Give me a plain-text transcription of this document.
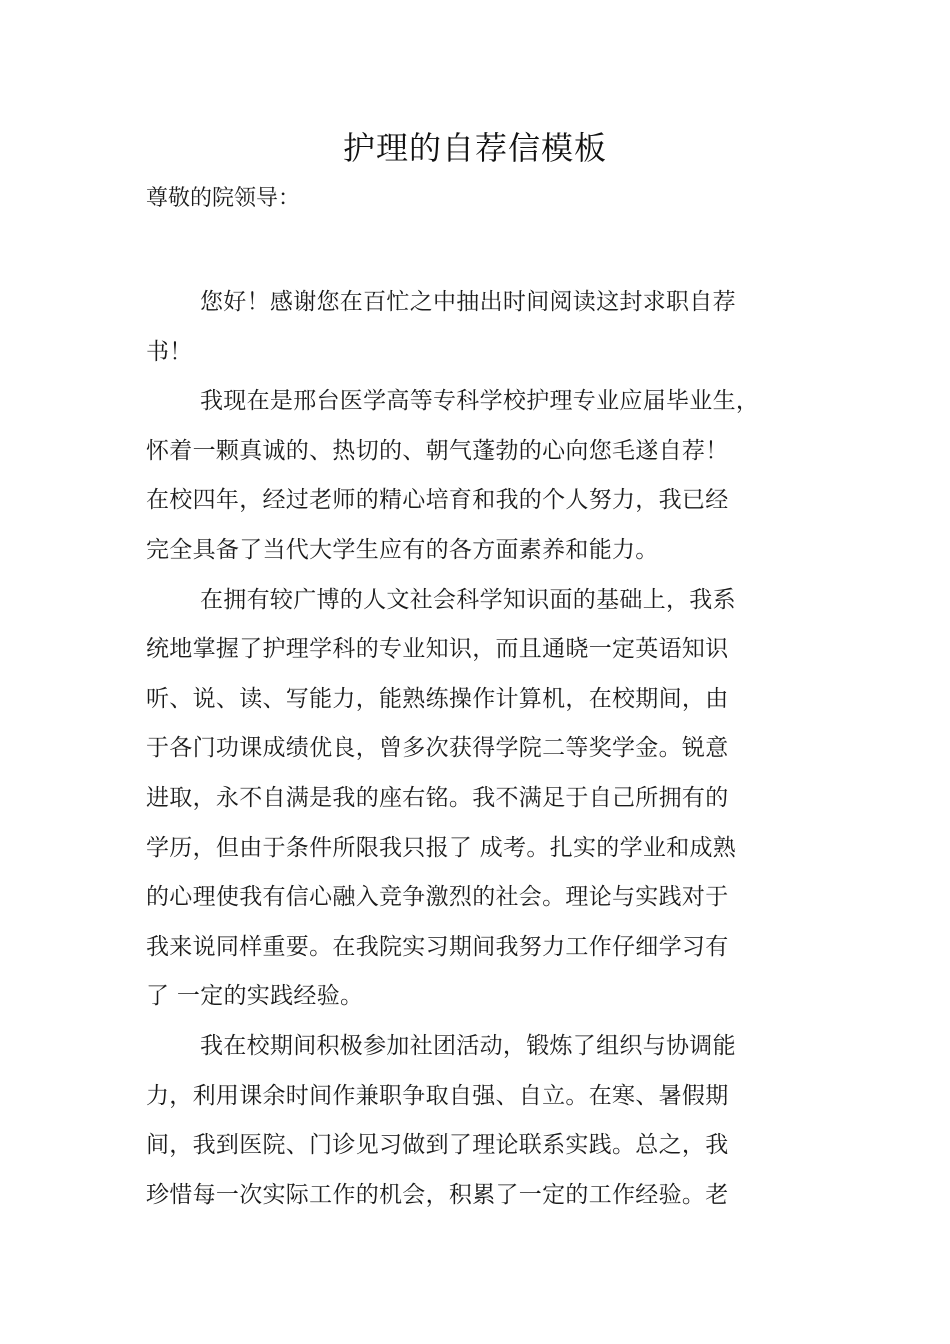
护理的自荐信模板
尊敬的院领导：
您好！感谢您在百忙之中抽出时间阅读这封求职自荐
书！
我现在是邢台医学高等专科学校护理专业应届毕业生，
怀着一颗真诚的、热切的、朝气蓬勃的心向您毛遂自荐！
在校四年，经过老师的精心培育和我的个人努力，我已经
完全具备了当代大学生应有的各方面素养和能力。
在拥有较广博的人文社会科学知识面的基础上，我系
统地掌握了护理学科的专业知识，而且通晓一定英语知识
听、说、读、写能力，能熟练操作计算机，在校期间，由
于各门功课成绩优良，曾多次获得学院二等奖学金。锐意
进取，永不自满是我的座右铭。我不满足于自己所拥有的
学历，但由于条件所限我只报了 成考。扎实的学业和成熟
的心理使我有信心融入竞争激烈的社会。理论与实践对于
我来说同样重要。在我院实习期间我努力工作仔细学习有
了 一定的实践经验。
我在校期间积极参加社团活动，锻炼了组织与协调能
力，利用课余时间作兼职争取自强、自立。在寒、暑假期
间，我到医院、门诊见习做到了理论联系实践。总之，我
珍惜每一次实际工作的机会，积累了一定的工作经验。老
